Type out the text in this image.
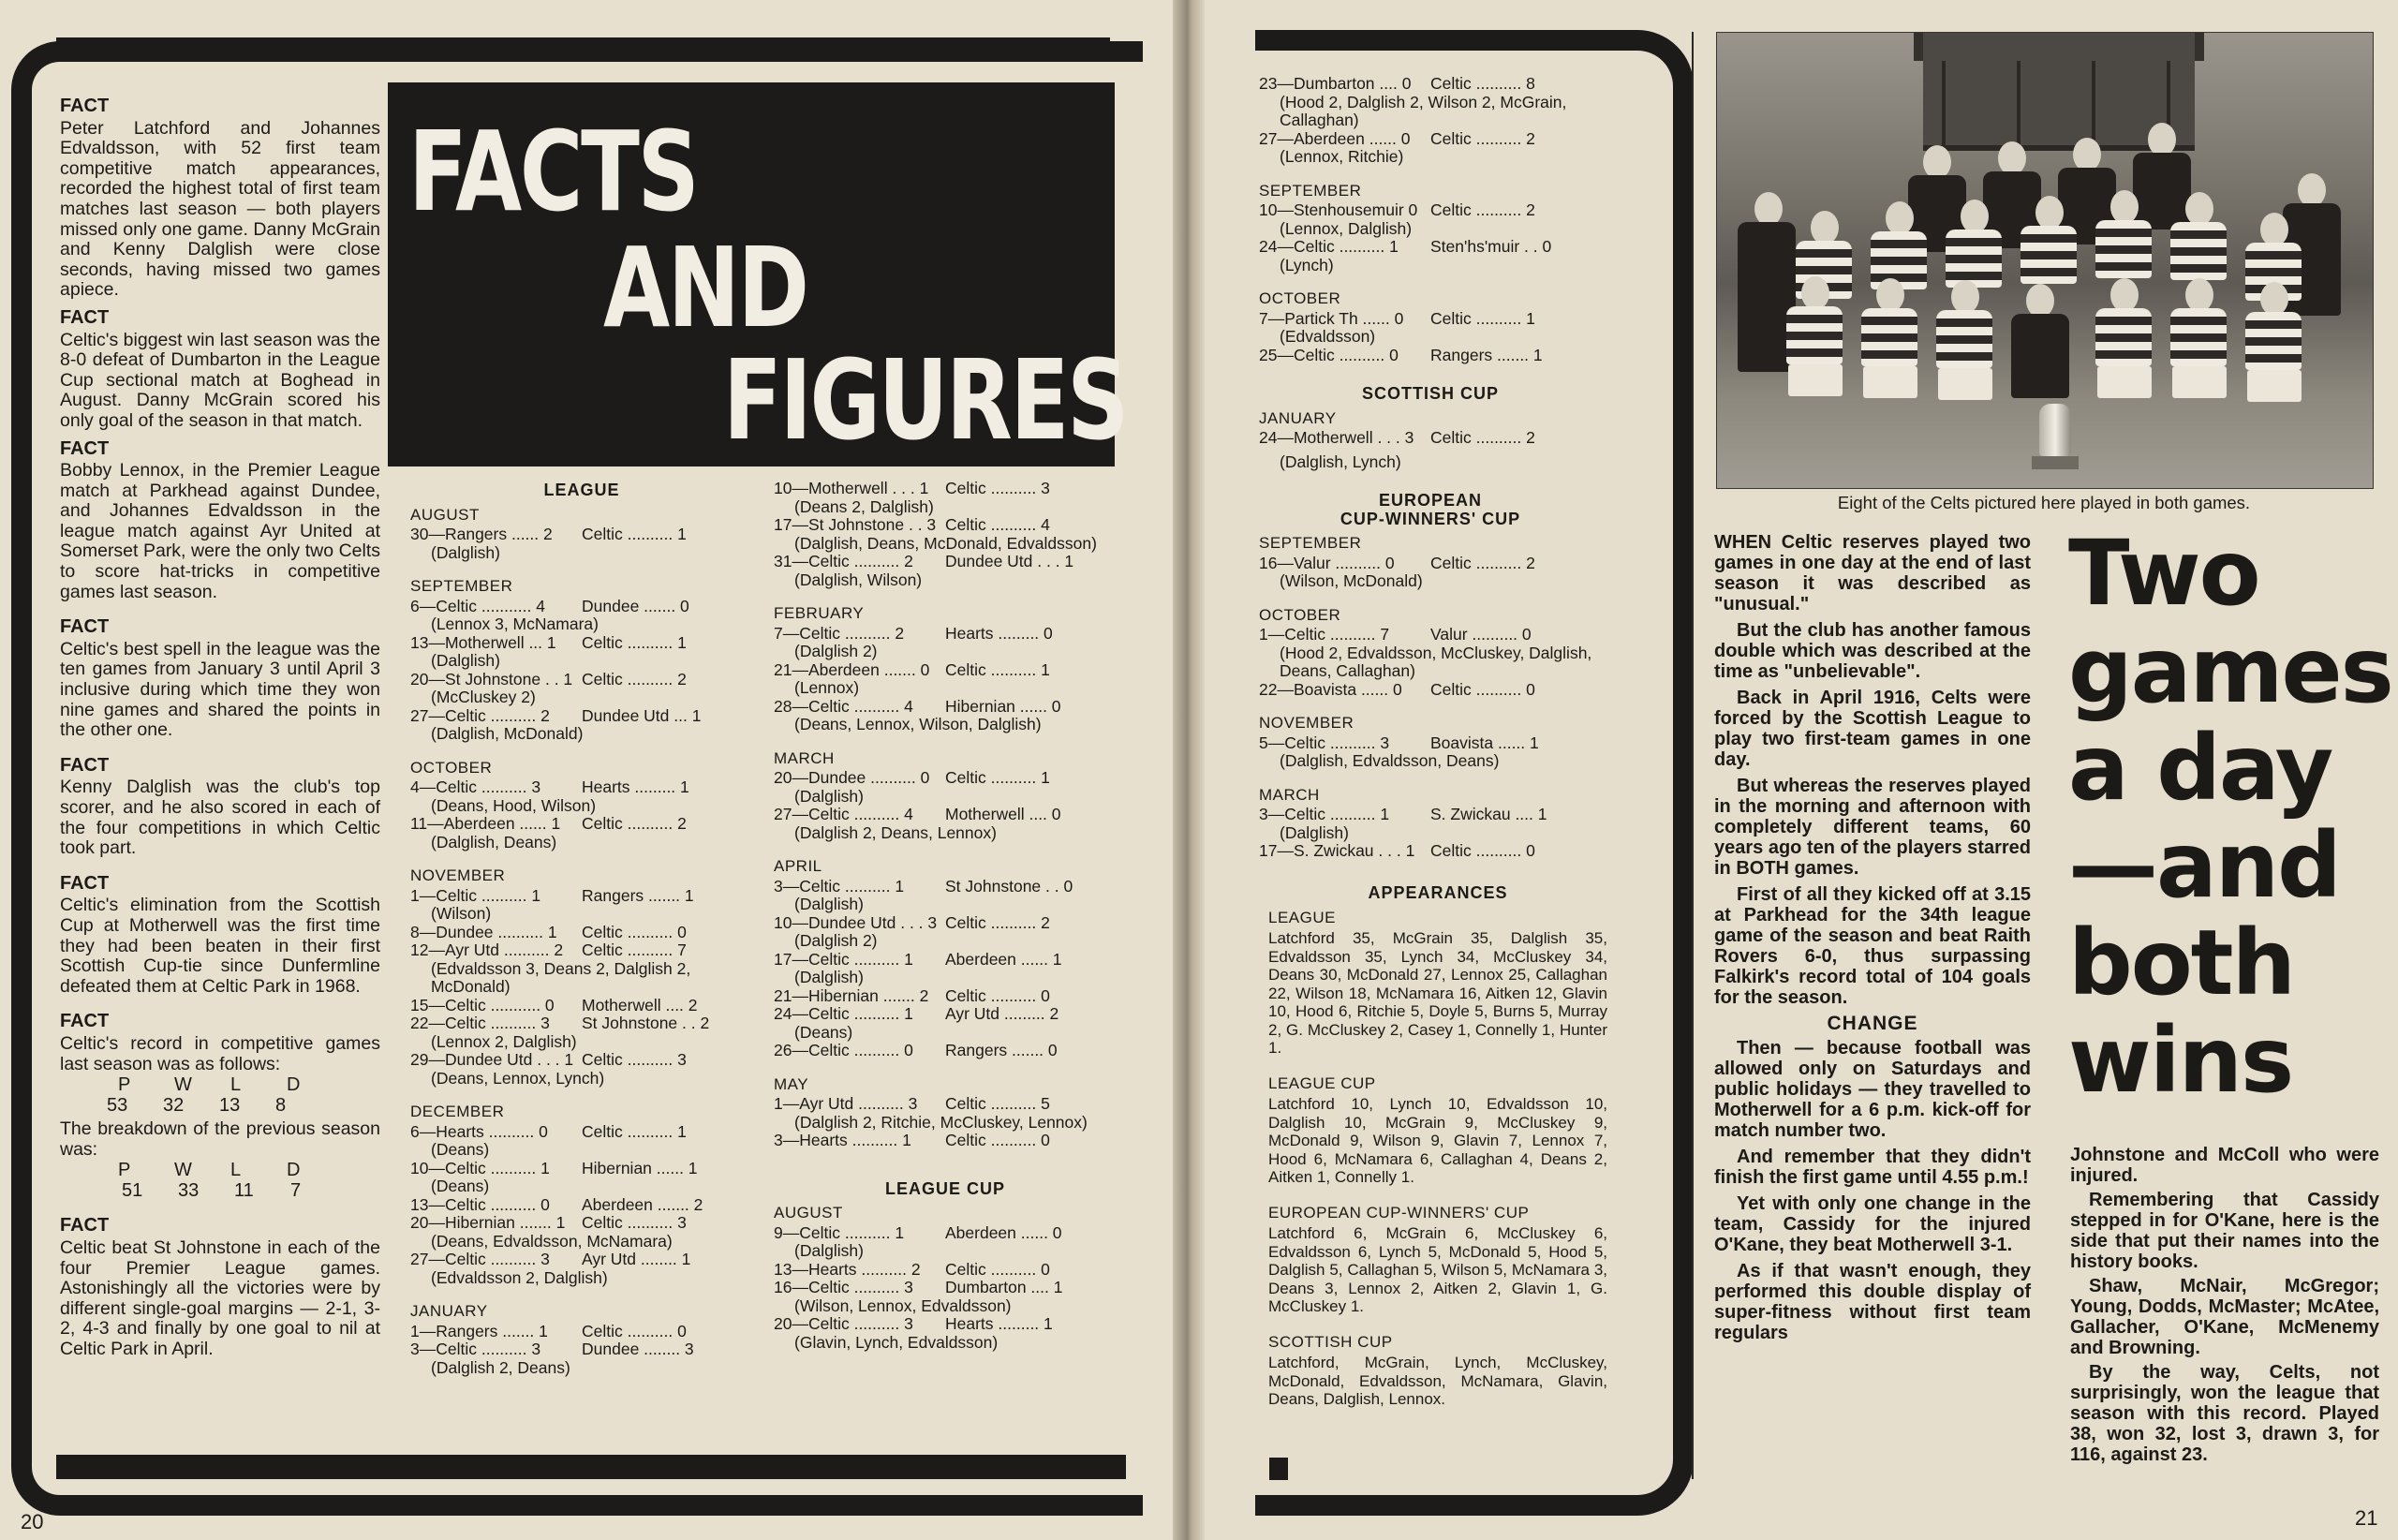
FACT

Peter Latchford and Johannes Edvaldsson, with 52 first team competitive match appearances, recorded the highest total of first team matches last season — both players missed only one game. Danny McGrain and Kenny Dalglish were close seconds, having missed two games apiece.

FACT

Celtic's biggest win last season was the 8-0 defeat of Dumbarton in the League Cup sectional match at Boghead in August. Danny McGrain scored his only goal of the season in that match.

FACT

Bobby Lennox, in the Premier League match at Parkhead against Dundee, and Johannes Edvaldsson in the league match against Ayr United at Somerset Park, were the only two Celts to score hat-tricks in competitive games last season.

FACT

Celtic's best spell in the league was the ten games from January 3 until April 3 inclusive during which time they won nine games and shared the points in the other one.

FACT

Kenny Dalglish was the club's top scorer, and he also scored in each of the four competitions in which Celtic took part.

FACT

Celtic's elimination from the Scottish Cup at Motherwell was the first time they had been beaten in their first Scottish Cup-tie since Dunfermline defeated them at Celtic Park in 1968.

FACT

Celtic's record in competitive games last season was as follows:

P	W	L	D
53	32	13	8

The breakdown of the previous season was:

P	W	L	D
51	33	11	7
FACT

Celtic beat St Johnstone in each of the four Premier League games. Astonishingly all the victories were by different single-goal margins — 2-1, 3-2, 4-3 and finally by one goal to nil at Celtic Park in April.

FACTS
AND
FIGURES
LEAGUE
AUGUST
30—Rangers ...... 2	Celtic .......... 1
(Dalglish)
SEPTEMBER
6—Celtic ........... 4	Dundee ....... 0
(Lennox 3, McNamara)
13—Motherwell ... 1	Celtic .......... 1
(Dalglish)
20—St Johnstone . . 1 Celtic .......... 2
(McCluskey 2)
27—Celtic .......... 2	Dundee Utd ... 1
(Dalglish, McDonald)
OCTOBER
4—Celtic .......... 3	Hearts ......... 1
(Deans, Hood, Wilson)
11—Aberdeen ...... 1	Celtic .......... 2
(Dalglish, Deans)
NOVEMBER
1—Celtic .......... 1	Rangers ....... 1
(Wilson)
8—Dundee .......... 1	Celtic .......... 0
12—Ayr Utd .......... 2	Celtic .......... 7
(Edvaldsson 3, Deans 2, Dalglish 2, McDonald)
15—Celtic ........... 0	Motherwell .... 2
22—Celtic .......... 3	St Johnstone . . 2
(Lennox 2, Dalglish)
29—Dundee Utd . . . 1 Celtic .......... 3
(Deans, Lennox, Lynch)
DECEMBER
6—Hearts .......... 0	Celtic .......... 1
(Deans)
10—Celtic .......... 1	Hibernian ...... 1
(Deans)
13—Celtic .......... 0	Aberdeen ....... 2
20—Hibernian ....... 1	Celtic .......... 3
(Deans, Edvaldsson, McNamara)
27—Celtic .......... 3	Ayr Utd ........ 1
(Edvaldsson 2, Dalglish)
JANUARY
1—Rangers ....... 1	Celtic .......... 0
3—Celtic .......... 3	Dundee ........ 3
(Dalglish 2, Deans)
10—Motherwell . . . 1	Celtic .......... 3
(Deans 2, Dalglish)
17—St Johnstone . . 3 Celtic .......... 4
(Dalglish, Deans, McDonald, Edvaldsson)
31—Celtic .......... 2	Dundee Utd . . . 1
(Dalglish, Wilson)
FEBRUARY
7—Celtic .......... 2	Hearts ......... 0
(Dalglish 2)
21—Aberdeen ....... 0 Celtic .......... 1
(Lennox)
28—Celtic .......... 4	Hibernian ...... 0
(Deans, Lennox, Wilson, Dalglish)
MARCH
20—Dundee .......... 0 Celtic .......... 1
(Dalglish)
27—Celtic .......... 4	Motherwell .... 0
(Dalglish 2, Deans, Lennox)
APRIL
3—Celtic .......... 1	St Johnstone . . 0
(Dalglish)
10—Dundee Utd . . . 3 Celtic .......... 2
(Dalglish 2)
17—Celtic .......... 1	Aberdeen ...... 1
(Dalglish)
21—Hibernian ....... 2	Celtic .......... 0
24—Celtic .......... 1	Ayr Utd ......... 2
(Deans)
26—Celtic .......... 0	Rangers ....... 0
MAY
1—Ayr Utd .......... 3	Celtic .......... 5
(Dalglish 2, Ritchie, McCluskey, Lennox)
3—Hearts .......... 1	Celtic .......... 0
LEAGUE CUP
AUGUST
9—Celtic .......... 1	Aberdeen ...... 0
(Dalglish)
13—Hearts .......... 2	Celtic .......... 0
16—Celtic .......... 3	Dumbarton .... 1
(Wilson, Lennox, Edvaldsson)
20—Celtic .......... 3	Hearts ......... 1
(Glavin, Lynch, Edvaldsson)
20
23—Dumbarton .... 0	Celtic .......... 8
(Hood 2, Dalglish 2, Wilson 2, McGrain, Callaghan)
27—Aberdeen ...... 0	Celtic .......... 2
(Lennox, Ritchie)
SEPTEMBER
10—Stenhousemuir 0 Celtic .......... 2
(Lennox, Dalglish)
24—Celtic .......... 1	Sten'hs'muir . . 0
(Lynch)
OCTOBER
7—Partick Th ...... 0	Celtic .......... 1
(Edvaldsson)
25—Celtic .......... 0	Rangers ....... 1
SCOTTISH CUP
JANUARY
24—Motherwell . . . 3	Celtic .......... 2
(Dalglish, Lynch)
EUROPEAN
CUP-WINNERS' CUP
SEPTEMBER
16—Valur .......... 0	Celtic .......... 2
(Wilson, McDonald)
OCTOBER
1—Celtic .......... 7	Valur .......... 0
(Hood 2, Edvaldsson, McCluskey, Dalglish, Deans, Callaghan)
22—Boavista ...... 0	Celtic .......... 0
NOVEMBER
5—Celtic .......... 3	Boavista ...... 1
(Dalglish, Edvaldsson, Deans)
MARCH
3—Celtic .......... 1	S. Zwickau .... 1
(Dalglish)
17—S. Zwickau . . . 1 Celtic .......... 0
APPEARANCES
LEAGUE

Latchford 35, McGrain 35, Dalglish 35, Edvaldsson 35, Lynch 34, McCluskey 34, Deans 30, McDonald 27, Lennox 25, Callaghan 22, Wilson 18, McNamara 16, Aitken 12, Glavin 10, Hood 6, Ritchie 5, Doyle 5, Burns 5, Murray 2, G. McCluskey 2, Casey 1, Connelly 1, Hunter 1.

LEAGUE CUP

Latchford 10, Lynch 10, Edvaldsson 10, Dalglish 10, McGrain 9, McCluskey 9, McDonald 9, Wilson 9, Glavin 7, Lennox 7, Hood 6, McNamara 6, Callaghan 4, Deans 2, Aitken 1, Connelly 1.

EUROPEAN CUP-WINNERS' CUP

Latchford 6, McGrain 6, McCluskey 6, Edvaldsson 6, Lynch 5, McDonald 5, Hood 5, Dalglish 5, Callaghan 5, Wilson 5, McNamara 3, Deans 3, Lennox 2, Aitken 2, Glavin 1, G. McCluskey 1.

SCOTTISH CUP

Latchford, McGrain, Lynch, McCluskey, McDonald, Edvaldsson, McNamara, Glavin, Deans, Dalglish, Lennox.

Eight of the Celts pictured here played in both games.

WHEN Celtic reserves played two games in one day at the end of last season it was described as "unusual."

But the club has another famous double which was described at the time as "unbelievable".

Back in April 1916, Celts were forced by the Scottish League to play two first-team games in one day.

But whereas the reserves played in the morning and afternoon with completely different teams, 60 years ago ten of the players starred in BOTH games.

First of all they kicked off at 3.15 at Parkhead for the 34th league game of the season and beat Raith Rovers 6-0, thus surpassing Falkirk's record total of 104 goals for the season.

CHANGE

Then — because football was allowed only on Saturdays and public holidays — they travelled to Motherwell for a 6 p.m. kick-off for match number two.

And remember that they didn't finish the first game until 4.55 p.m.!

Yet with only one change in the team, Cassidy for the injured O'Kane, they beat Motherwell 3-1.

As if that wasn't enough, they performed this double display of super-fitness without first team regulars

Two
games
a day
—and
both
wins

Johnstone and McColl who were injured.

Remembering that Cassidy stepped in for O'Kane, here is the side that put their names into the history books.

Shaw, McNair, McGregor; Young, Dodds, McMaster; McAtee, Gallacher, O'Kane, McMenemy and Browning.

By the way, Celts, not surprisingly, won the league that season with this record. Played 38, won 32, lost 3, drawn 3, for 116, against 23.

21
